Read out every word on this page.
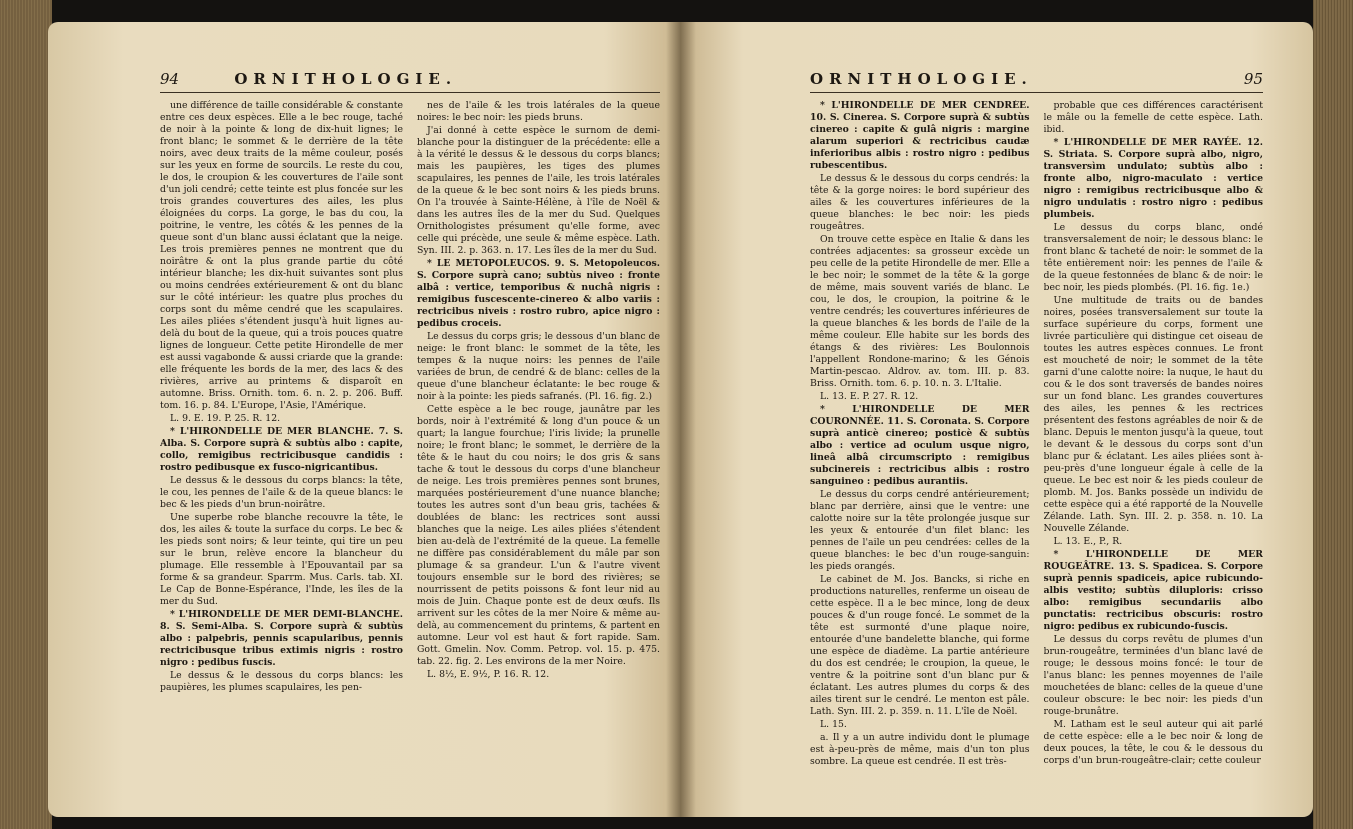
94	ORNITHOLOGIE.

une différence de taille considérable & constante entre ces deux espèces. Elle a le bec rouge, taché de noir à la pointe & long de dix-huit lignes; le front blanc; le sommet & le derrière de la tête noirs, avec deux traits de la même couleur, posés sur les yeux en forme de sourcils. Le reste du cou, le dos, le croupion & les couvertures de l'aile sont d'un joli cendré; cette teinte est plus foncée sur les trois grandes couvertures des ailes, les plus éloignées du corps. La gorge, le bas du cou, la poitrine, le ventre, les côtés & les pennes de la queue sont d'un blanc aussi éclatant que la neige. Les trois premières pennes ne montrent que du noirâtre & ont la plus grande partie du côté intérieur blanche; les dix-huit suivantes sont plus ou moins cendrées extérieurement & ont du blanc sur le côté intérieur: les quatre plus proches du corps sont du même cendré que les scapulaires. Les ailes pliées s'étendent jusqu'à huit lignes au-delà du bout de la queue, qui a trois pouces quatre lignes de longueur. Cette petite Hirondelle de mer est aussi vagabonde & aussi criarde que la grande: elle fréquente les bords de la mer, des lacs & des rivières, arrive au printems & disparoît en automne. Briss. Ornith. tom. 6. n. 2. p. 206. Buff. tom. 16. p. 84. L'Europe, l'Asie, l'Amérique.

L. 9. E. 19. P. 25. R. 12.

* L'HIRONDELLE DE MER BLANCHE. 7. S. Alba. S. Corpore suprà & subtùs albo : capite, collo, remigibus rectricibusque candidis : rostro pedibusque ex fusco-nigricantibus.

Le dessus & le dessous du corps blancs: la tête, le cou, les pennes de l'aile & de la queue blancs: le bec & les pieds d'un brun-noirâtre.

Une superbe robe blanche recouvre la tête, le dos, les ailes & toute la surface du corps. Le bec & les pieds sont noirs; & leur teinte, qui tire un peu sur le brun, relève encore la blancheur du plumage. Elle ressemble à l'Epouvantail par sa forme & sa grandeur. Sparrm. Mus. Carls. tab. XI. Le Cap de Bonne-Espérance, l'Inde, les îles de la mer du Sud.

* L'HIRONDELLE DE MER DEMI-BLANCHE. 8. S. Semi-Alba. S. Corpore suprà & subtùs albo : palpebris, pennis scapularibus, pennis rectricibusque tribus extimis nigris : rostro nigro : pedibus fuscis.

Le dessus & le dessous du corps blancs: les paupières, les plumes scapulaires, les pen-

nes de l'aile & les trois latérales de la queue noires: le bec noir: les pieds bruns.

J'ai donné à cette espèce le surnom de demi-blanche pour la distinguer de la précédente: elle a à la vérité le dessus & le dessous du corps blancs; mais les paupières, les tiges des plumes scapulaires, les pennes de l'aile, les trois latérales de la queue & le bec sont noirs & les pieds bruns. On l'a trouvée à Sainte-Hélène, à l'île de Noël & dans les autres îles de la mer du Sud. Quelques Ornithologistes présument qu'elle forme, avec celle qui précède, une seule & même espèce. Lath. Syn. III. 2. p. 363. n. 17. Les îles de la mer du Sud.

* LE METOPOLEUCOS. 9. S. Metopoleucos. S. Corpore suprà cano; subtùs niveo : fronte albâ : vertice, temporibus & nuchâ nigris : remigibus fuscescente-cinereo & albo variis : rectricibus niveis : rostro rubro, apice nigro : pedibus croceis.

Le dessus du corps gris; le dessous d'un blanc de neige: le front blanc: le sommet de la tête, les tempes & la nuque noirs: les pennes de l'aile variées de brun, de cendré & de blanc: celles de la queue d'une blancheur éclatante: le bec rouge & noir à la pointe: les pieds safranés. (Pl. 16. fig. 2.)

Cette espèce a le bec rouge, jaunâtre par les bords, noir à l'extrémité & long d'un pouce & un quart; la langue fourchue; l'iris livide; la prunelle noire; le front blanc; le sommet, le derrière de la tête & le haut du cou noirs; le dos gris & sans tache & tout le dessous du corps d'une blancheur de neige. Les trois premières pennes sont brunes, marquées postérieurement d'une nuance blanche; toutes les autres sont d'un beau gris, tachées & doublées de blanc: les rectrices sont aussi blanches que la neige. Les ailes pliées s'étendent bien au-delà de l'extrémité de la queue. La femelle ne diffère pas considérablement du mâle par son plumage & sa grandeur. L'un & l'autre vivent toujours ensemble sur le bord des rivières; se nourrissent de petits poissons & font leur nid au mois de Juin. Chaque ponte est de deux œufs. Ils arrivent sur les côtes de la mer Noire & même au-delà, au commencement du printems, & partent en automne. Leur vol est haut & fort rapide. Sam. Gott. Gmelin. Nov. Comm. Petrop. vol. 15. p. 475. tab. 22. fig. 2. Les environs de la mer Noire.

L. 8½, E. 9½, P. 16. R. 12.

ORNITHOLOGIE.	95

* L'HIRONDELLE DE MER CENDRÉE. 10. S. Cinerea. S. Corpore suprà & subtùs cinereo : capite & gulâ nigris : margine alarum superiori & rectricibus caudæ inferioribus albis : rostro nigro : pedibus rubescentibus.

Le dessus & le dessous du corps cendrés: la tête & la gorge noires: le bord supérieur des ailes & les couvertures inférieures de la queue blanches: le bec noir: les pieds rougeâtres.

On trouve cette espèce en Italie & dans les contrées adjacentes: sa grosseur excède un peu celle de la petite Hirondelle de mer. Elle a le bec noir; le sommet de la tête & la gorge de même, mais souvent variés de blanc. Le cou, le dos, le croupion, la poitrine & le ventre cendrés; les couvertures inférieures de la queue blanches & les bords de l'aile de la même couleur. Elle habite sur les bords des étangs & des rivières: Les Boulonnois l'appellent Rondone-marino; & les Génois Martin-pescao. Aldrov. av. tom. III. p. 83. Briss. Ornith. tom. 6. p. 10. n. 3. L'Italie.

L. 13. E. P. 27. R. 12.

* L'HIRONDELLE DE MER COURONNÉE. 11. S. Coronata. S. Corpore suprà anticè cinereo; posticè & subtùs albo : vertice ad oculum usque nigro, lineâ albâ circumscripto : remigibus subcinereis : rectricibus albis : rostro sanguineo : pedibus aurantiis.

Le dessus du corps cendré antérieurement; blanc par derrière, ainsi que le ventre: une calotte noire sur la tête prolongée jusque sur les yeux & entourée d'un filet blanc: les pennes de l'aile un peu cendrées: celles de la queue blanches: le bec d'un rouge-sanguin: les pieds orangés.

Le cabinet de M. Jos. Bancks, si riche en productions naturelles, renferme un oiseau de cette espèce. Il a le bec mince, long de deux pouces & d'un rouge foncé. Le sommet de la tête est surmonté d'une plaque noire, entourée d'une bandelette blanche, qui forme une espèce de diadème. La partie antérieure du dos est cendrée; le croupion, la queue, le ventre & la poitrine sont d'un blanc pur & éclatant. Les autres plumes du corps & des ailes tirent sur le cendré. Le menton est pâle. Lath. Syn. III. 2. p. 359. n. 11. L'île de Noël.

L. 15.

a. Il y a un autre individu dont le plumage est à-peu-près de même, mais d'un ton plus sombre. La queue est cendrée. Il est très-

probable que ces différences caractérisent le mâle ou la femelle de cette espèce. Lath. ibid.

* L'HIRONDELLE DE MER RAYÉE. 12. S. Striata. S. Corpore suprà albo, nigro, transversìm undulato; subtùs albo : fronte albo, nigro-maculato : vertice nigro : remigibus rectricibusque albo & nigro undulatis : rostro nigro : pedibus plumbeis.

Le dessus du corps blanc, ondé transversalement de noir; le dessous blanc: le front blanc & tacheté de noir: le sommet de la tête entièrement noir: les pennes de l'aile & de la queue festonnées de blanc & de noir: le bec noir, les pieds plombés. (Pl. 16. fig. 1e.)

Une multitude de traits ou de bandes noires, posées transversalement sur toute la surface supérieure du corps, forment une livrée particulière qui distingue cet oiseau de toutes les autres espèces connues. Le front est moucheté de noir; le sommet de la tête garni d'une calotte noire: la nuque, le haut du cou & le dos sont traversés de bandes noires sur un fond blanc. Les grandes couvertures des ailes, les pennes & les rectrices présentent des festons agréables de noir & de blanc. Depuis le menton jusqu'à la queue, tout le devant & le dessous du corps sont d'un blanc pur & éclatant. Les ailes pliées sont à-peu-près d'une longueur égale à celle de la queue. Le bec est noir & les pieds couleur de plomb. M. Jos. Banks possède un individu de cette espèce qui a été rapporté de la Nouvelle Zélande. Lath. Syn. III. 2. p. 358. n. 10. La Nouvelle Zélande.

L. 13. E., P., R.

* L'HIRONDELLE DE MER ROUGEÂTRE. 13. S. Spadicea. S. Corpore suprà pennis spadiceis, apice rubicundo-albis vestito; subtùs diluploris: crisso albo: remigibus secundariis albo punctatis: rectricibus obscuris: rostro nigro: pedibus ex rubicundo-fuscis.

Le dessus du corps revêtu de plumes d'un brun-rougeâtre, terminées d'un blanc lavé de rouge; le dessous moins foncé: le tour de l'anus blanc: les pennes moyennes de l'aile mouchetées de blanc: celles de la queue d'une couleur obscure: le bec noir: les pieds d'un rouge-brunâtre.

M. Latham est le seul auteur qui ait parlé de cette espèce: elle a le bec noir & long de deux pouces, la tête, le cou & le dessous du corps d'un brun-rougeâtre-clair; cette couleur
